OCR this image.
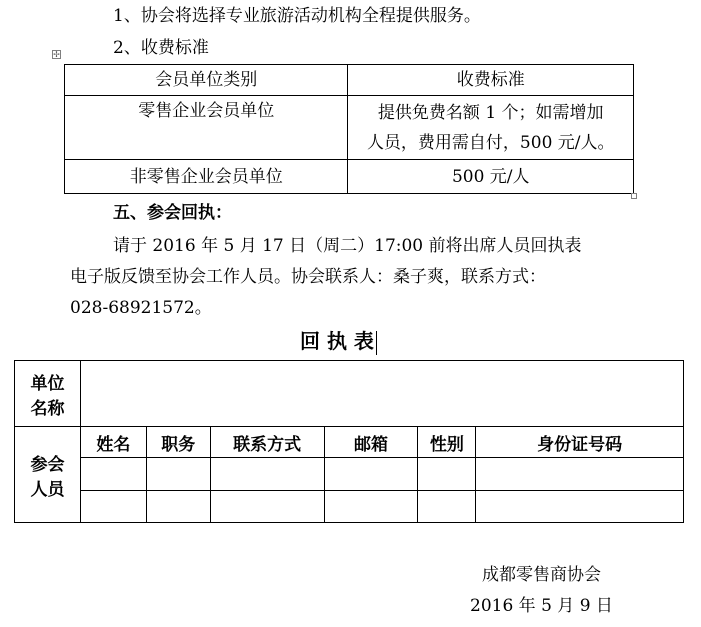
1、协会将选择专业旅游活动机构全程提供服务。
2、收费标准
✢
会员单位类别	收费标准
零售企业会员单位	提供免费名额 1 个；如需增加
人员，费用需自付，500 元/人。

非零售企业会员单位	500 元/人
五、参会回执：
请于 2016 年 5 月 17 日（周二）17:00 前将出席人员回执表
电子版反馈至协会工作人员。协会联系人：桑子爽，联系方式：
028-68921572。
回 执 表
单位
名称						

参会
人员	姓名	职务	联系方式	邮箱	性别	身份证号码

成都零售商协会
2016 年 5 月 9 日
